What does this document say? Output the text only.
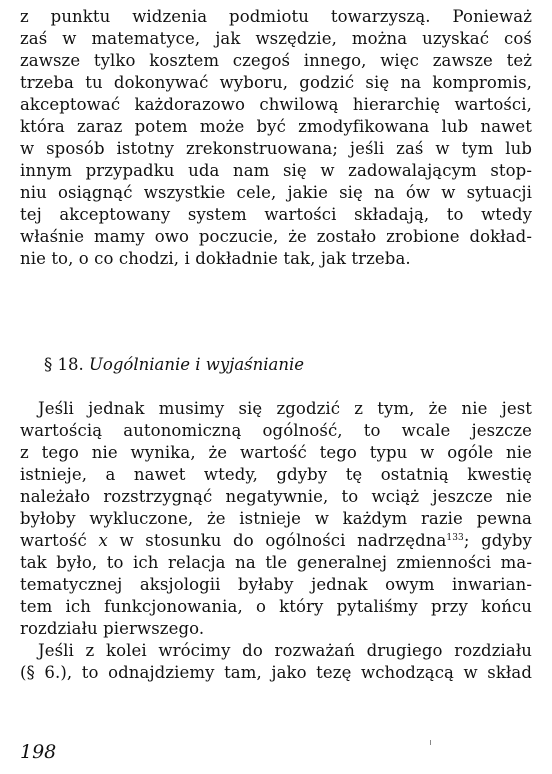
z punktu widzenia podmiotu towarzyszą. Ponieważ
zaś w matematyce, jak wszędzie, można uzyskać coś
zawsze tylko kosztem czegoś innego, więc zawsze też
trzeba tu dokonywać wyboru, godzić się na kompromis,
akceptować każdorazowo chwilową hierarchię wartości,
która zaraz potem może być zmodyfikowana lub nawet
w sposób istotny zrekonstruowana; jeśli zaś w tym lub
innym przypadku uda nam się w zadowalającym stop-
niu osiągnąć wszystkie cele, jakie się na ów w sytuacji
tej akceptowany system wartości składają, to wtedy
właśnie mamy owo poczucie, że zostało zrobione dokład-
nie to, o co chodzi, i dokładnie tak, jak trzeba.
§ 18. Uogólnianie i wyjaśnianie
Jeśli jednak musimy się zgodzić z tym, że nie jest
wartością autonomiczną ogólność, to wcale jeszcze
z tego nie wynika, że wartość tego typu w ogóle nie
istnieje, a nawet wtedy, gdyby tę ostatnią kwestię
należało rozstrzygnąć negatywnie, to wciąż jeszcze nie
byłoby wykluczone, że istnieje w każdym razie pewna
wartość x w stosunku do ogólności nadrzędna$^{133}$; gdyby
tak było, to ich relacja na tle generalnej zmienności ma-
tematycznej aksjologii byłaby jednak owym inwarian-
tem ich funkcjonowania, o który pytaliśmy przy końcu
rozdziału pierwszego.
Jeśli z kolei wrócimy do rozważań drugiego rozdziału
(§ 6.), to odnajdziemy tam, jako tezę wchodzącą w skład
198
